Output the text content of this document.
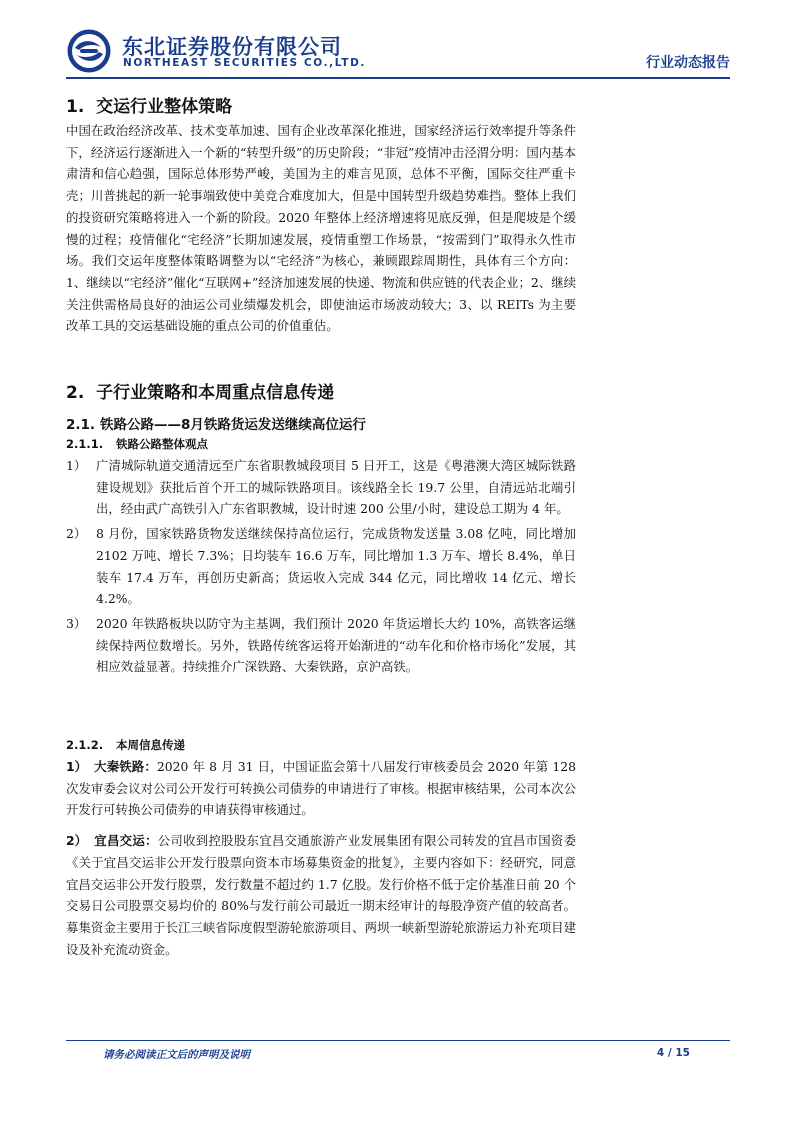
东北证券股份有限公司
NORTHEAST SECURITIES CO.,LTD.	行业动态报告
1. 交运行业整体策略

中国在政治经济改革、技术变革加速、国有企业改革深化推进，国家经济运行效率提升等条件下，经济运行逐渐进入一个新的“转型升级”的历史阶段；“非冠”疫情冲击泾渭分明：国内基本肃清和信心趋强，国际总体形势严峻，美国为主的难言见顶，总体不平衡，国际交往严重卡壳；川普挑起的新一轮事端致使中美竞合难度加大，但是中国转型升级趋势难挡。整体上我们的投资研究策略将进入一个新的阶段。2020 年整体上经济增速将见底反弹，但是爬坡是个缓慢的过程；疫情催化“宅经济”长期加速发展，疫情重塑工作场景，“按需到门”取得永久性市场。我们交运年度整体策略调整为以“宅经济”为核心，兼顾跟踪周期性，具体有三个方向：1、继续以“宅经济”催化“互联网+”经济加速发展的快递、物流和供应链的代表企业；2、继续关注供需格局良好的油运公司业绩爆发机会，即使油运市场波动较大；3、以 REITs 为主要改革工具的交运基础设施的重点公司的价值重估。

2. 子行业策略和本周重点信息传递
2.1. 铁路公路——8月铁路货运发送继续高位运行
2.1.1. 铁路公路整体观点
1） 广清城际轨道交通清远至广东省职教城段项目 5 日开工，这是《粤港澳大湾区城际铁路建设规划》获批后首个开工的城际铁路项目。该线路全长 19.7 公里，自清远站北端引出，经由武广高铁引入广东省职教城，设计时速 200 公里/小时，建设总工期为 4 年。
2） 8 月份，国家铁路货物发送继续保持高位运行，完成货物发送量 3.08 亿吨，同比增加 2102 万吨、增长 7.3%；日均装车 16.6 万车，同比增加 1.3 万车、增长 8.4%，单日装车 17.4 万车，再创历史新高；货运收入完成 344 亿元，同比增收 14 亿元、增长 4.2%。
3） 2020 年铁路板块以防守为主基调，我们预计 2020 年货运增长大约 10%，高铁客运继续保持两位数增长。另外，铁路传统客运将开始渐进的“动车化和价格市场化”发展，其相应效益显著。持续推介广深铁路、大秦铁路，京沪高铁。
2.1.2. 本周信息传递
1） 大秦铁路：2020 年 8 月 31 日，中国证监会第十八届发行审核委员会 2020 年第 128 次发审委会议对公司公开发行可转换公司债券的申请进行了审核。根据审核结果，公司本次公开发行可转换公司债券的申请获得审核通过。
2） 宜昌交运：公司收到控股股东宜昌交通旅游产业发展集团有限公司转发的宜昌市国资委《关于宜昌交运非公开发行股票向资本市场募集资金的批复》，主要内容如下：经研究，同意宜昌交运非公开发行股票，发行数量不超过约 1.7 亿股。发行价格不低于定价基准日前 20 个交易日公司股票交易均价的 80%与发行前公司最近一期末经审计的每股净资产值的较高者。募集资金主要用于长江三峡省际度假型游轮旅游项目、两坝一峡新型游轮旅游运力补充项目建设及补充流动资金。
请务必阅读正文后的声明及说明	4 / 15
